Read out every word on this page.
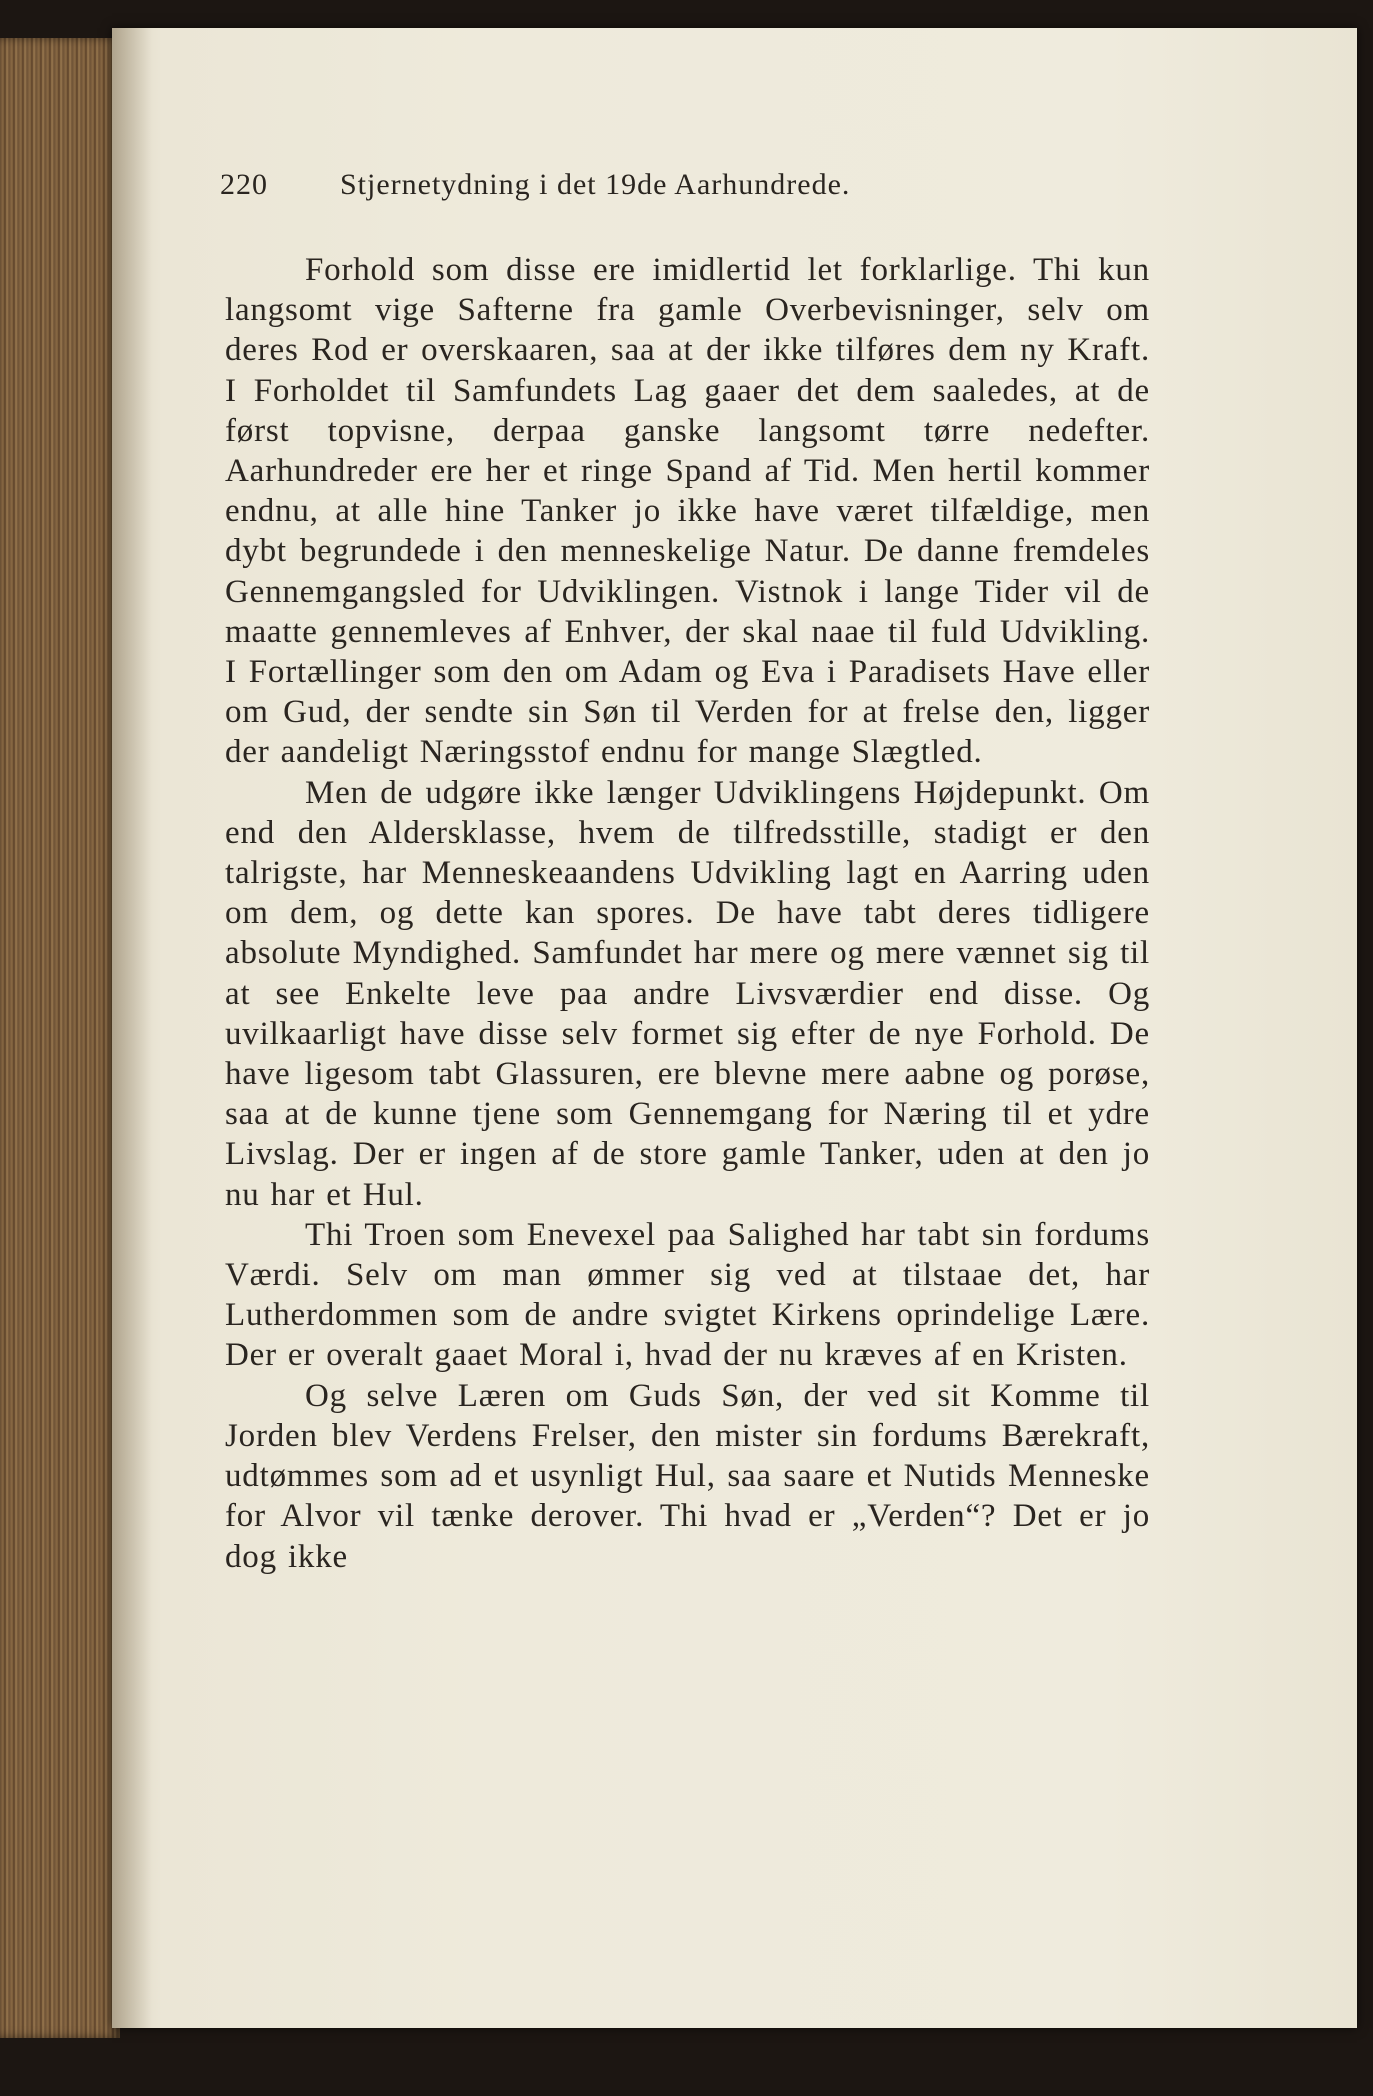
220 Stjernetydning i det 19de Aarhundrede.

Forhold som disse ere imidlertid let forklarlige. Thi kun langsomt vige Safterne fra gamle Overbevisninger, selv om deres Rod er overskaaren, saa at der ikke tilføres dem ny Kraft. I Forholdet til Samfundets Lag gaaer det dem saaledes, at de først topvisne, derpaa ganske langsomt tørre nedefter. Aarhundreder ere her et ringe Spand af Tid. Men hertil kommer endnu, at alle hine Tanker jo ikke have været tilfældige, men dybt begrundede i den menneskelige Natur. De danne fremdeles Gennemgangsled for Udviklingen. Vistnok i lange Tider vil de maatte gennemleves af Enhver, der skal naae til fuld Udvikling. I Fortællinger som den om Adam og Eva i Paradisets Have eller om Gud, der sendte sin Søn til Verden for at frelse den, ligger der aandeligt Næringsstof endnu for mange Slægtled.

Men de udgøre ikke længer Udviklingens Højdepunkt. Om end den Aldersklasse, hvem de tilfredsstille, stadigt er den talrigste, har Menneskeaandens Udvikling lagt en Aarring uden om dem, og dette kan spores. De have tabt deres tidligere absolute Myndighed. Samfundet har mere og mere vænnet sig til at see Enkelte leve paa andre Livsværdier end disse. Og uvilkaarligt have disse selv formet sig efter de nye Forhold. De have ligesom tabt Glassuren, ere blevne mere aabne og porøse, saa at de kunne tjene som Gennemgang for Næring til et ydre Livslag. Der er ingen af de store gamle Tanker, uden at den jo nu har et Hul.

Thi Troen som Enevexel paa Salighed har tabt sin fordums Værdi. Selv om man ømmer sig ved at tilstaae det, har Lutherdommen som de andre svigtet Kirkens oprindelige Lære. Der er overalt gaaet Moral i, hvad der nu kræves af en Kristen.

Og selve Læren om Guds Søn, der ved sit Komme til Jorden blev Verdens Frelser, den mister sin fordums Bærekraft, udtømmes som ad et usynligt Hul, saa saare et Nutids Menneske for Alvor vil tænke derover. Thi hvad er „Verden“? Det er jo dog ikke
